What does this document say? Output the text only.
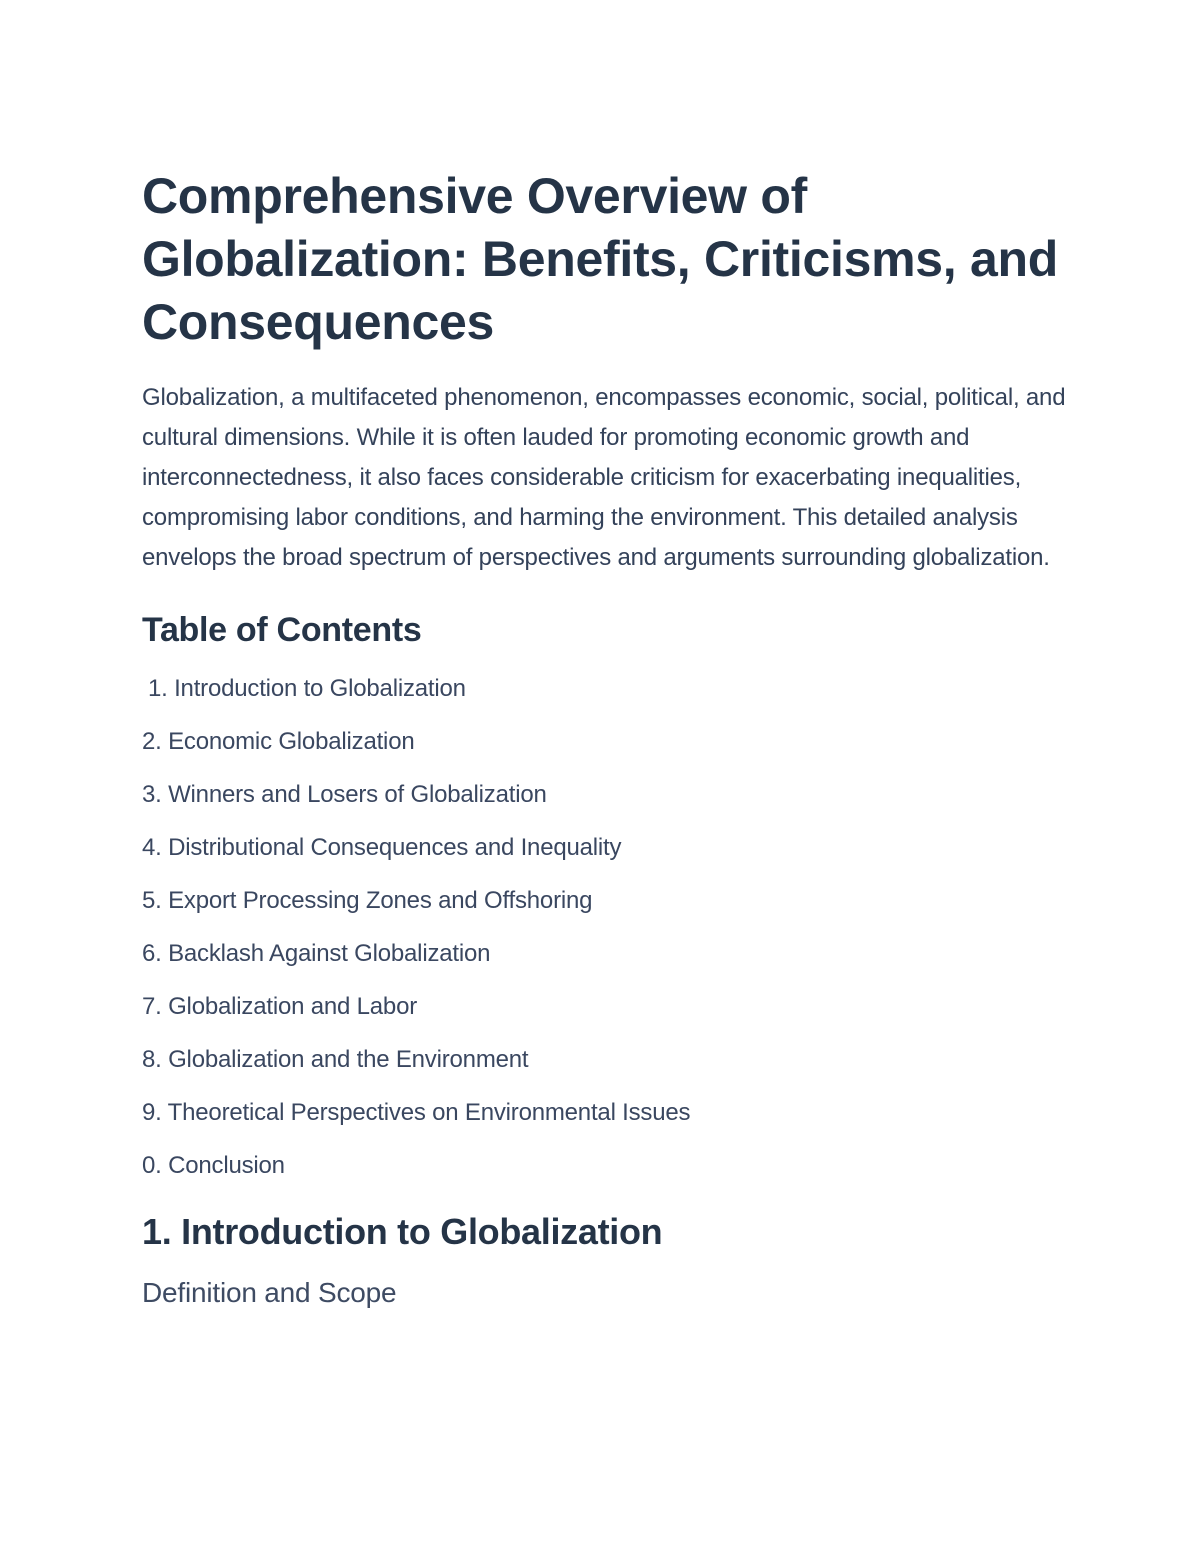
Comprehensive Overview of Globalization: Benefits, Criticisms, and Consequences

Globalization, a multifaceted phenomenon, encompasses economic, social, political, and cultural dimensions. While it is often lauded for promoting economic growth and interconnectedness, it also faces considerable criticism for exacerbating inequalities, compromising labor conditions, and harming the environment. This detailed analysis envelops the broad spectrum of perspectives and arguments surrounding globalization.

Table of Contents
1. Introduction to Globalization
2. Economic Globalization
3. Winners and Losers of Globalization
4. Distributional Consequences and Inequality
5. Export Processing Zones and Offshoring
6. Backlash Against Globalization
7. Globalization and Labor
8. Globalization and the Environment
9. Theoretical Perspectives on Environmental Issues
0. Conclusion
1. Introduction to Globalization
Definition and Scope
